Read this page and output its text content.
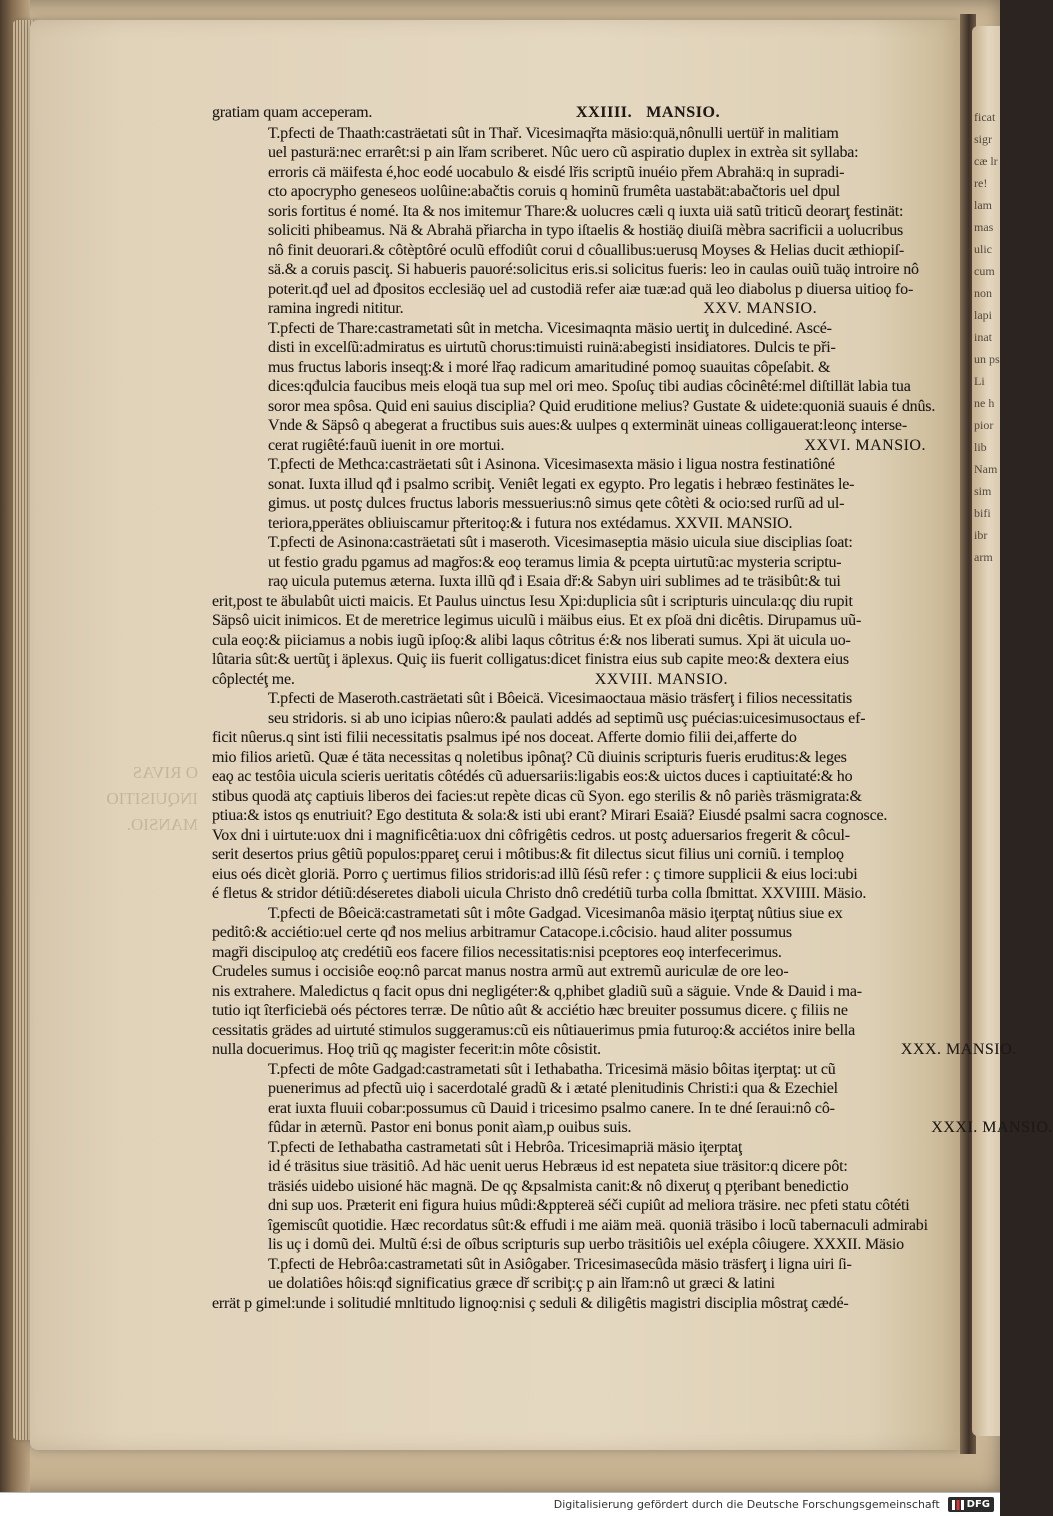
O RIVAS
INQUISITIO
MANSIO.
ficat
sigr
cæ lr
re!
lam
mas
ulic
cum
non
lapi
inat
un ps
Li
ne h
pior
lib
Nam
sim
bifi
ibr
arm
gratiam quam acceperam.	XXIIII. MANSIO.
T.pfecti de Thaath:casträetati sût in Thař. Vicesimaqřta mäsio:quä,nônulli uertüř in malitiam
uel pasturä:nec errarêt:si p ain lřam scriberet. Nûc uero cũ aspiratio duplex in extrèa sit syllaba:
erroris cä mäifesta é,hoc eodé uocabulo & eisdé lřis scriptũ inuéio přem Abrahä:q in supradi-
cto apocrypho geneseos uolûine:abačtis coruis q hominũ frumêta uastabät:abačtoris uel dpul
soris fortitus é nomé. Ita & nos imitemur Thare:& uolucres cæli q iuxta uiä satũ triticũ deorarţ festinät:
soliciti phibeamus. Nä & Abrahä přiarcha in typo iſtaelis & hostiäǫ diuiſä mèbra sacrificii a uolucribus
nô finit deuorari.& côtèptôré oculũ effodiût corui d côuallibus:uerusq Moyses & Helias ducit æthiopiſ-
sä.& a coruis pasciţ. Si habueris pauoré:solicitus eris.si solicitus fueris: leo in caulas ouiũ tuäǫ introire nô
poterit.qđ uel ad đpositos ecclesiäǫ uel ad custodiä refer aiæ tuæ:ad quä leo diabolus p diuersa uitioǫ fo-
ramina ingredi nititur.	XXV. MANSIO.
T.pfecti de Thare:castrametati sût in metcha. Vicesimaqnta mäsio uertiţ in dulcediné. Ascé-
disti in excelſũ:admiratus es uirtutũ chorus:timuisti ruinä:abegisti insidiatores. Dulcis te při-
mus fructus laboris inseqţ:& i moré lřaǫ radicum amaritudiné pomoǫ suauitas côpeſabit. &
dices:qđulcia faucibus meis eloqä tua sup mel ori meo. Spoſuç tibi audias côcinêté:mel diſtillät labia tua
soror mea spôsa. Quid eni sauius disciplia? Quid eruditione melius? Gustate & uidete:quoniä suauis é dnûs.
Vnde & Säpsô q abegerat a fructibus suis aues:& uulpes q exterminät uineas colligauerat:leonç interse-
cerat rugiêté:fauũ iuenit in ore mortui.	XXVI. MANSIO.
T.pfecti de Methca:casträetati sût i Asinona. Vicesimasexta mäsio i ligua nostra festinatiôné
sonat. Iuxta illud qđ i psalmo scribiţ. Veniêt legati ex egypto. Pro legatis i hebræo festinätes le-
gimus. ut postç dulces fructus laboris messuerius:nô simus qete côtèti & ocio:sed rurſũ ad ul-
teriora,pperätes obliuiscamur přteritoǫ:& i futura nos extédamus. XXVII. MANSIO.
T.pfecti de Asinona:casträetati sût i maseroth. Vicesimaseptia mäsio uicula siue disciplias ſoat:
ut festio gradu pgamus ad magřos:& eoǫ teramus limia & pcepta uirtutũ:ac mysteria scriptu-
raǫ uicula putemus æterna. Iuxta illũ qđ i Esaia dř:& Sabyn uiri sublimes ad te träsibût:& tui
erit,post te äbulabût uicti maicis. Et Paulus uinctus Iesu Xpi:duplicia sût i scripturis uincula:qç diu rupit
Säpsô uicit inimicos. Et de meretrice legimus uiculũ i mäibus eius. Et ex pſoä dni dicêtis. Dirupamus uũ-
cula eoǫ:& piiciamus a nobis iugũ ipſoǫ:& alibi laqus côtritus é:& nos liberati sumus. Xpi ät uicula uo-
lûtaria sût:& uertũţ i äplexus. Quiç iis fuerit colligatus:dicet finistra eius sub capite meo:& dextera eius
côplectéţ me.	XXVIII. MANSIO.
T.pfecti de Maseroth.casträetati sût i Bôeicä. Vicesimaoctaua mäsio träsferţ i filios necessitatis
seu stridoris. si ab uno icipias nûero:& paulati addés ad septimũ usç puécias:uicesimusoctaus ef-
ficit nûerus.q sint isti filii necessitatis psalmus ipé nos doceat. Afferte domio filii dei,afferte do
mio filios arietũ. Quæ é täta necessitas q noletibus ipônaţ? Cũ diuinis scripturis fueris eruditus:& leges
eaǫ ac testôia uicula scieris ueritatis côtédés cũ aduersariis:ligabis eos:& uictos duces i captiuitaté:& ho
stibus quodä atç captiuis liberos dei facies:ut repète dicas cũ Syon. ego sterilis & nô pariès träsmigrata:&
ptiua:& istos qs enutriuit? Ego destituta & sola:& isti ubi erant? Mirari Esaiä? Eiusdé psalmi sacra cognosce.
Vox dni i uirtute:uox dni i magnificêtia:uox dni côfrigêtis cedros. ut postç aduersarios fregerit & côcul-
serit desertos prius gêtiũ populos:ppareţ cerui i môtibus:& fit dilectus sicut filius uni corniũ. i temploǫ
eius oés dicèt gloriä. Porro ç uertimus filios stridoris:ad illũ ſésũ refer : ç timore supplicii & eius loci:ubi
é fletus & stridor détiũ:déseretes diaboli uicula Christo dnô credétiũ turba colla ſbmittat. XXVIIII. Mäsio.
T.pfecti de Bôeicä:castrametati sût i môte Gadgad. Vicesimanôa mäsio iţerptaţ nûtius siue ex
peditô:& acciétio:uel certe qđ nos melius arbitramur Catacope.i.côcisio. haud aliter possumus
magři discipuloǫ atç credétiũ eos facere filios necessitatis:nisi pceptores eoǫ interfecerimus.
Crudeles sumus i occisiôe eoǫ:nô parcat manus nostra armũ aut extremũ auriculæ de ore leo-
nis extrahere. Maledictus q facit opus dni negligéter:& q,phibet gladiũ suũ a säguie. Vnde & Dauid i ma-
tutio iqt îterficiebä oés péctores terræ. De nûtio aût & acciétio hæc breuiter possumus dicere. ç filiis ne
cessitatis grädes ad uirtuté stimulos suggeramus:cũ eis nûtiauerimus pmia futuroǫ:& acciétos inire bella
nulla docuerimus. Hoǫ triũ qç magister fecerit:in môte côsistit.	XXX. MANSIO.
T.pfecti de môte Gadgad:castrametati sût i Iethabatha. Tricesimä mäsio bôitas iţerptaţ: ut cũ
puenerimus ad pfectũ uiǫ i sacerdotalé gradũ & i ætaté plenitudinis Christi:i qua & Ezechiel
erat iuxta fluuii cobar:possumus cũ Dauid i tricesimo psalmo canere. In te dné ſeraui:nô cô-
fûdar in æternũ. Pastor eni bonus ponit aìam,p ouibus suis.	XXXI. MANSIO.
T.pfecti de Iethabatha castrametati sût i Hebrôa. Tricesimapriä mäsio iţerptaţ
id é träsitus siue träsitiô. Ad häc uenit uerus Hebræus id est nepateta siue träsitor:q dicere pôt:
träsiés uidebo uisioné häc magnä. De qç &psalmista canit:& nô dixeruţ q pţeribant benedictio
dni sup uos. Præterit eni figura huius mûdi:&pptereä séči cupiût ad meliora träsire. nec pfeti statu côtéti
îgemiscût quotidie. Hæc recordatus sût:& effudi i me aiäm meä. quoniä träsibo i locũ tabernaculi admirabi
lis uç i domũ dei. Multũ é:si de oîbus scripturis sup uerbo träsitiôis uel exépla côiugere. XXXII. Mäsio
T.pfecti de Hebrôa:castrametati sût in Asiôgaber. Tricesimasecûda mäsio träsferţ i ligna uiri ſi-
ue dolatiôes hôis:qđ significatius græce dř scribiţ:ç p ain lřam:nô ut græci & latini
errät p gimel:unde i solitudié mnltitudo lignoǫ:nisi ç seduli & diligêtis magistri disciplia môstraţ cædé-
Digitalisierung gefördert durch die Deutsche Forschungsgemeinschaft	DFG
